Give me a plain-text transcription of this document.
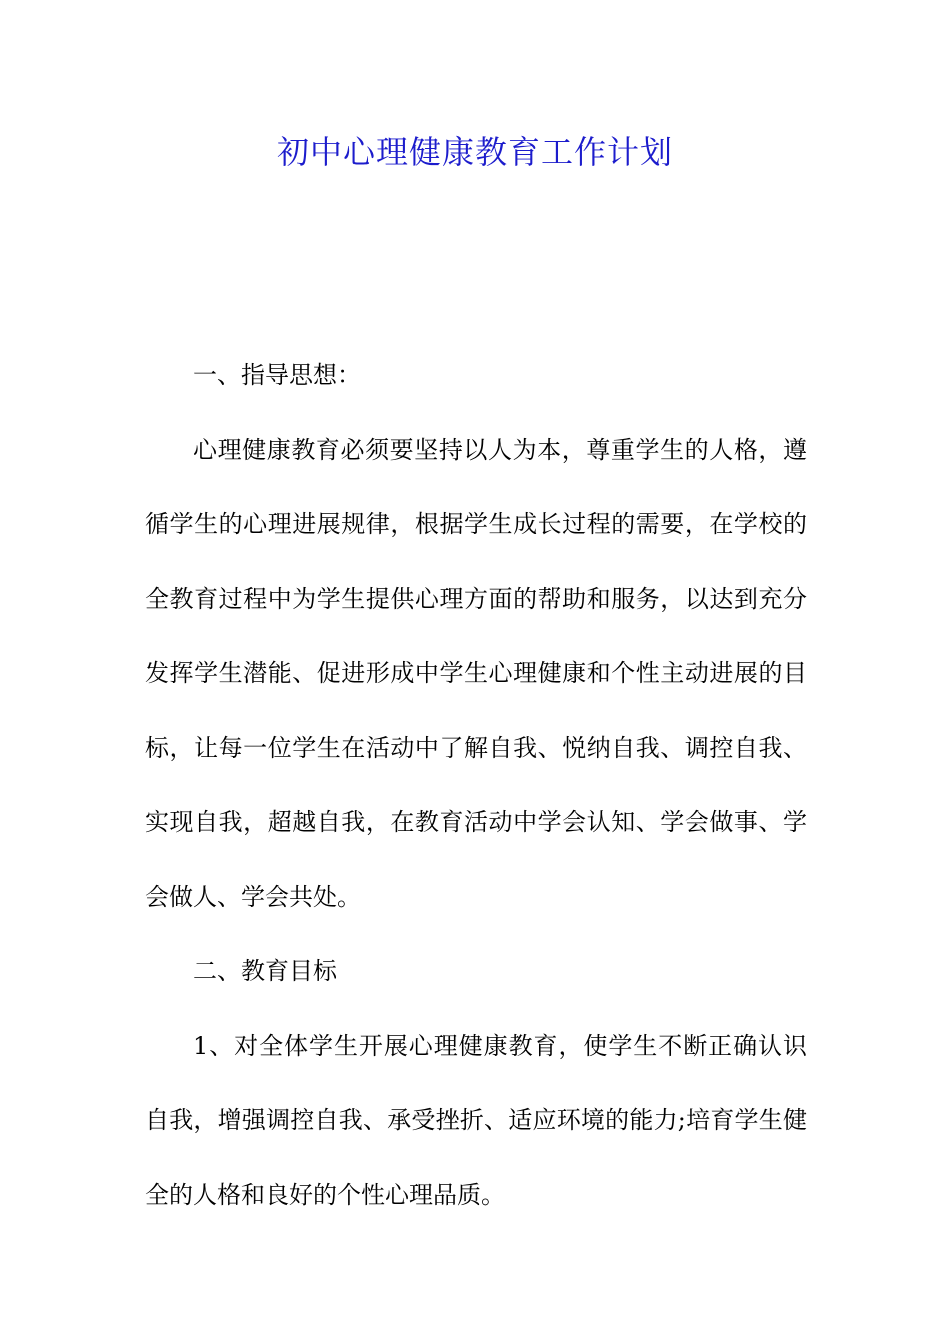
初中心理健康教育工作计划

一、指导思想：

心理健康教育必须要坚持以人为本，尊重学生的人格，遵循学生的心理进展规律，根据学生成长过程的需要，在学校的全教育过程中为学生提供心理方面的帮助和服务，以达到充分发挥学生潜能、促进形成中学生心理健康和个性主动进展的目标，让每一位学生在活动中了解自我、悦纳自我、调控自我、实现自我，超越自我，在教育活动中学会认知、学会做事、学会做人、学会共处。

二、教育目标

1、对全体学生开展心理健康教育，使学生不断正确认识自我，增强调控自我、承受挫折、适应环境的能力;培育学生健全的人格和良好的个性心理品质。
